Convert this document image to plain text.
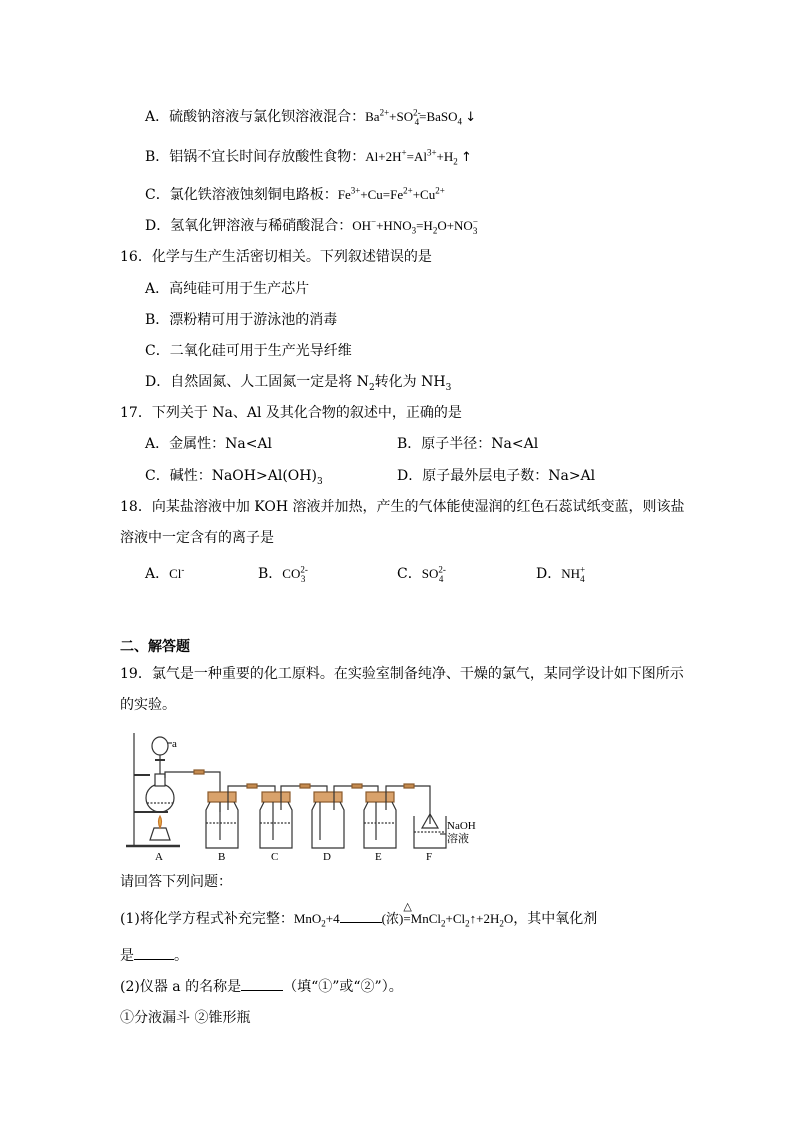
A．硫酸钠溶液与氯化钡溶液混合：$Ba^{2+}+SO^{2-}_4=BaSO_4$ ↓
B．铝锅不宜长时间存放酸性食物：$Al+2H^+=Al^{3+}+H_2$ ↑
C．氯化铁溶液蚀刻铜电路板：$Fe^{3+}+Cu=Fe^{2+}+Cu^{2+}$
D．氢氧化钾溶液与稀硝酸混合：$OH^-+HNO_3=H_2O+NO^-_3$
16．化学与生产生活密切相关。下列叙述错误的是
A．高纯硅可用于生产芯片
B．漂粉精可用于游泳池的消毒
C．二氧化硅可用于生产光导纤维
D．自然固氮、人工固氮一定是将 $N_2$转化为 $NH_3$
17．下列关于 Na、Al 及其化合物的叙述中，正确的是
A．金属性：Na<Al	B．原子半径：Na<Al
C．碱性：$NaOH>Al(OH)_3$	D．原子最外层电子数：Na>Al
18．向某盐溶液中加 KOH 溶液并加热，产生的气体能使湿润的红色石蕊试纸变蓝，则该盐
溶液中一定含有的离子是
A．Cl-	B．$CO^{2-}_3$	C．$SO^{2-}_4$	D．$NH^+_4$
二、解答题
19．氯气是一种重要的化工原料。在实验室制备纯净、干燥的氯气，某同学设计如下图所示
的实验。
a
NaOH
溶液
A	B	C	D	E	F
请回答下列问题：
(1)将化学方程式补充完整：MnO$_2$+4	(浓)
△
$=MnCl_2+Cl_2↑+2H_2O$，其中氧化剂
是	。
(2)仪器 a 的名称是	（填“①”或“②”）。
①分液漏斗 ②锥形瓶
